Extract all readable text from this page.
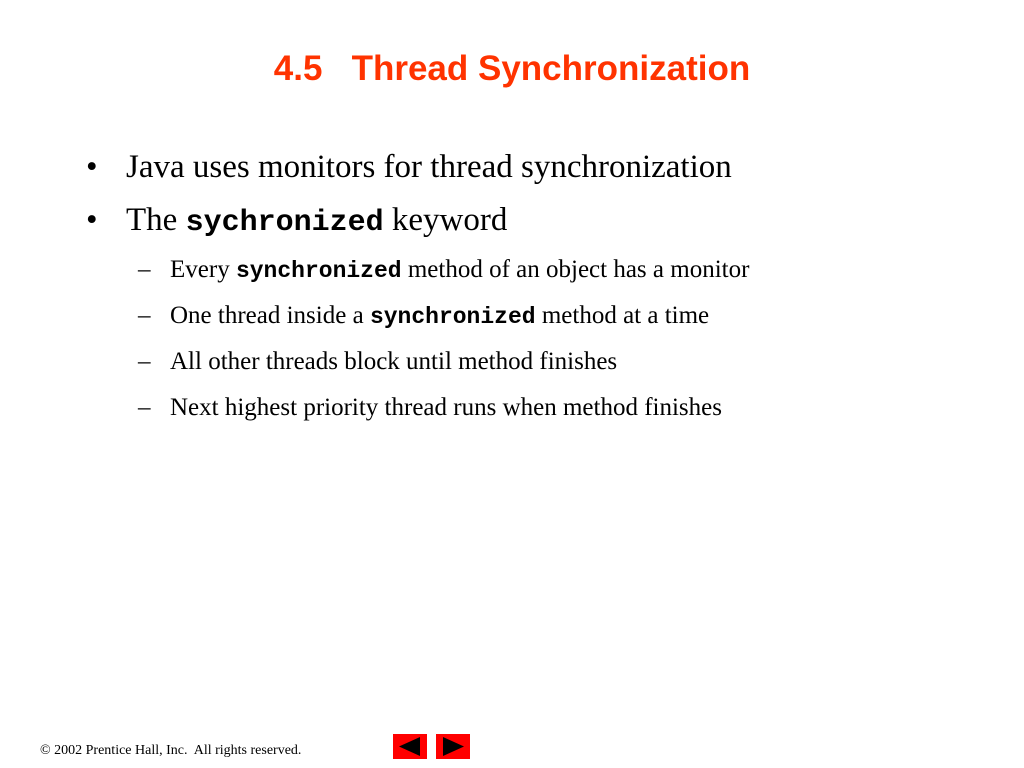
4.5   Thread Synchronization
• Java uses monitors for thread synchronization
• The sychronized keyword
– Every synchronized method of an object has a monitor
– One thread inside a synchronized method at a time
– All other threads block until method finishes
– Next highest priority thread runs when method finishes
© 2002 Prentice Hall, Inc.  All rights reserved.
